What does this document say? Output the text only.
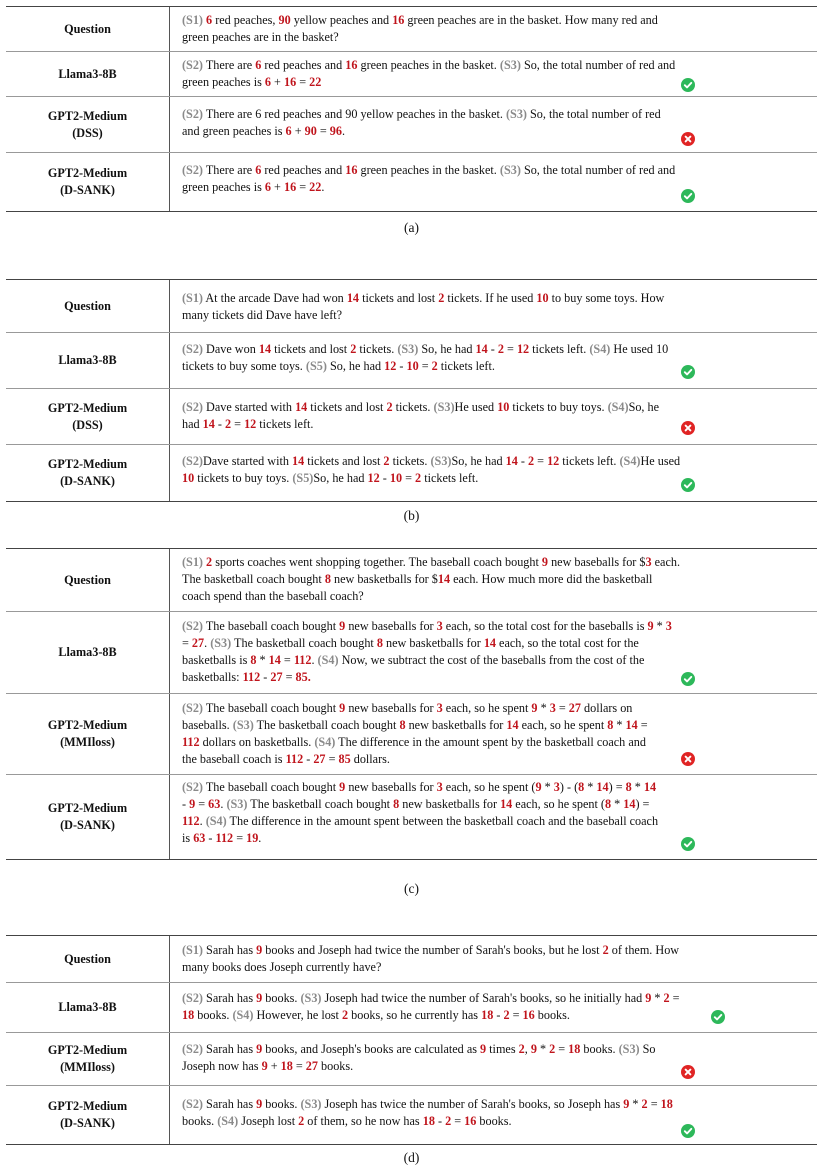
Question
(S1) 6 red peaches, 90 yellow peaches and 16 green peaches are in the basket. How many red and
green peaches are in the basket?
Llama3-8B
(S2) There are 6 red peaches and 16 green peaches in the basket. (S3) So, the total number of red and
green peaches is 6 + 16 = 22
GPT2-Medium
(DSS)
(S2) There are 6 red peaches and 90 yellow peaches in the basket. (S3) So, the total number of red
and green peaches is 6 + 90 = 96.
GPT2-Medium
(D-SANK)
(S2) There are 6 red peaches and 16 green peaches in the basket. (S3) So, the total number of red and
green peaches is 6 + 16 = 22.
(a)
Question
(S1) At the arcade Dave had won 14 tickets and lost 2 tickets. If he used 10 to buy some toys. How
many tickets did Dave have left?
Llama3-8B
(S2) Dave won 14 tickets and lost 2 tickets. (S3) So, he had 14 - 2 = 12 tickets left. (S4) He used 10
tickets to buy some toys. (S5) So, he had 12 - 10 = 2 tickets left.
GPT2-Medium
(DSS)
(S2) Dave started with 14 tickets and lost 2 tickets. (S3)He used 10 tickets to buy toys. (S4)So, he
had 14 - 2 = 12 tickets left.
GPT2-Medium
(D-SANK)
(S2)Dave started with 14 tickets and lost 2 tickets. (S3)So, he had 14 - 2 = 12 tickets left. (S4)He used
10 tickets to buy toys. (S5)So, he had 12 - 10 = 2 tickets left.
(b)
Question
(S1) 2 sports coaches went shopping together. The baseball coach bought 9 new baseballs for $3 each.
The basketball coach bought 8 new basketballs for $14 each. How much more did the basketball
coach spend than the baseball coach?
Llama3-8B
(S2) The baseball coach bought 9 new baseballs for 3 each, so the total cost for the baseballs is 9 * 3
= 27. (S3) The basketball coach bought 8 new basketballs for 14 each, so the total cost for the
basketballs is 8 * 14 = 112. (S4) Now, we subtract the cost of the baseballs from the cost of the
basketballs: 112 - 27 = 85.
GPT2-Medium
(MMIloss)
(S2) The baseball coach bought 9 new baseballs for 3 each, so he spent 9 * 3 = 27 dollars on
baseballs. (S3) The basketball coach bought 8 new basketballs for 14 each, so he spent 8 * 14 =
112 dollars on basketballs. (S4) The difference in the amount spent by the basketball coach and
the baseball coach is 112 - 27 = 85 dollars.
GPT2-Medium
(D-SANK)
(S2) The baseball coach bought 9 new baseballs for 3 each, so he spent (9 * 3) - (8 * 14) = 8 * 14
- 9 = 63. (S3) The basketball coach bought 8 new basketballs for 14 each, so he spent (8 * 14) =
112. (S4) The difference in the amount spent between the basketball coach and the baseball coach
is 63 - 112 = 19.
(c)
Question
(S1) Sarah has 9 books and Joseph had twice the number of Sarah's books, but he lost 2 of them. How
many books does Joseph currently have?
Llama3-8B
(S2) Sarah has 9 books. (S3) Joseph had twice the number of Sarah's books, so he initially had 9 * 2 =
18 books. (S4) However, he lost 2 books, so he currently has 18 - 2 = 16 books.
GPT2-Medium
(MMIloss)
(S2) Sarah has 9 books, and Joseph's books are calculated as 9 times 2, 9 * 2 = 18 books. (S3) So
Joseph now has 9 + 18 = 27 books.
GPT2-Medium
(D-SANK)
(S2) Sarah has 9 books. (S3) Joseph has twice the number of Sarah's books, so Joseph has 9 * 2 = 18
books. (S4) Joseph lost 2 of them, so he now has 18 - 2 = 16 books.
(d)
